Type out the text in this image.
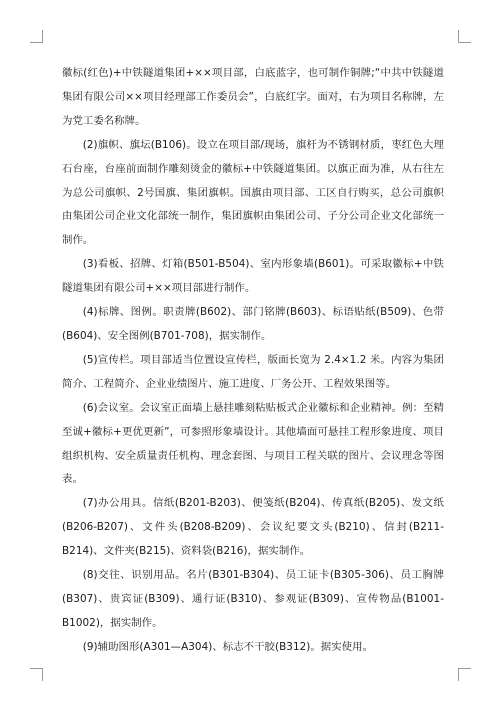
徽标(红色)+中铁隧道集团+××项目部，白底蓝字，也可制作铜牌;“中共中铁隧道集团有限公司××项目经理部工作委员会”，白底红字。面对，右为项目名称牌，左为党工委名称牌。

(2)旗帜、旗坛(B106)。设立在项目部/现场，旗杆为不锈钢材质，枣红色大理石台座，台座前面制作雕刻烫金的徽标+中铁隧道集团。以旗正面为准，从右往左为总公司旗帜、2号国旗、集团旗帜。国旗由项目部、工区自行购买，总公司旗帜由集团公司企业文化部统一制作，集团旗帜由集团公司、子分公司企业文化部统一制作。

(3)看板、招牌、灯箱(B501-B504)、室内形象墙(B601)。可采取徽标+中铁隧道集团有限公司+××项目部进行制作。

(4)标牌、图例。职责牌(B602)、部门铭牌(B603)、标语贴纸(B509)、色带(B604)、安全图例(B701-708)，据实制作。

(5)宣传栏。项目部适当位置设宣传栏，版面长宽为 2.4×1.2 米。内容为集团简介、工程简介、企业业绩图片、施工进度、厂务公开、工程效果图等。

(6)会议室。会议室正面墙上悬挂雕刻粘贴板式企业徽标和企业精神。例：至精至诚+徽标+更优更新”，可参照形象墙设计。其他墙面可悬挂工程形象进度、项目组织机构、安全质量责任机构、理念套图、与项目工程关联的图片、会议理念等图表。

(7)办公用具。信纸(B201-B203)、便笺纸(B204)、传真纸(B205)、发文纸(B206-B207)、文件头(B208-B209)、会议纪要文头(B210)、信封(B211-B214)、文件夹(B215)、资料袋(B216)，据实制作。

(8)交往、识别用品。名片(B301-B304)、员工证卡(B305-306)、员工胸牌(B307)、贵宾证(B309)、通行证(B310)、参观证(B309)、宣传物品(B1001-B1002)，据实制作。

(9)辅助图形(A301—A304)、标志不干胶(B312)。据实使用。
